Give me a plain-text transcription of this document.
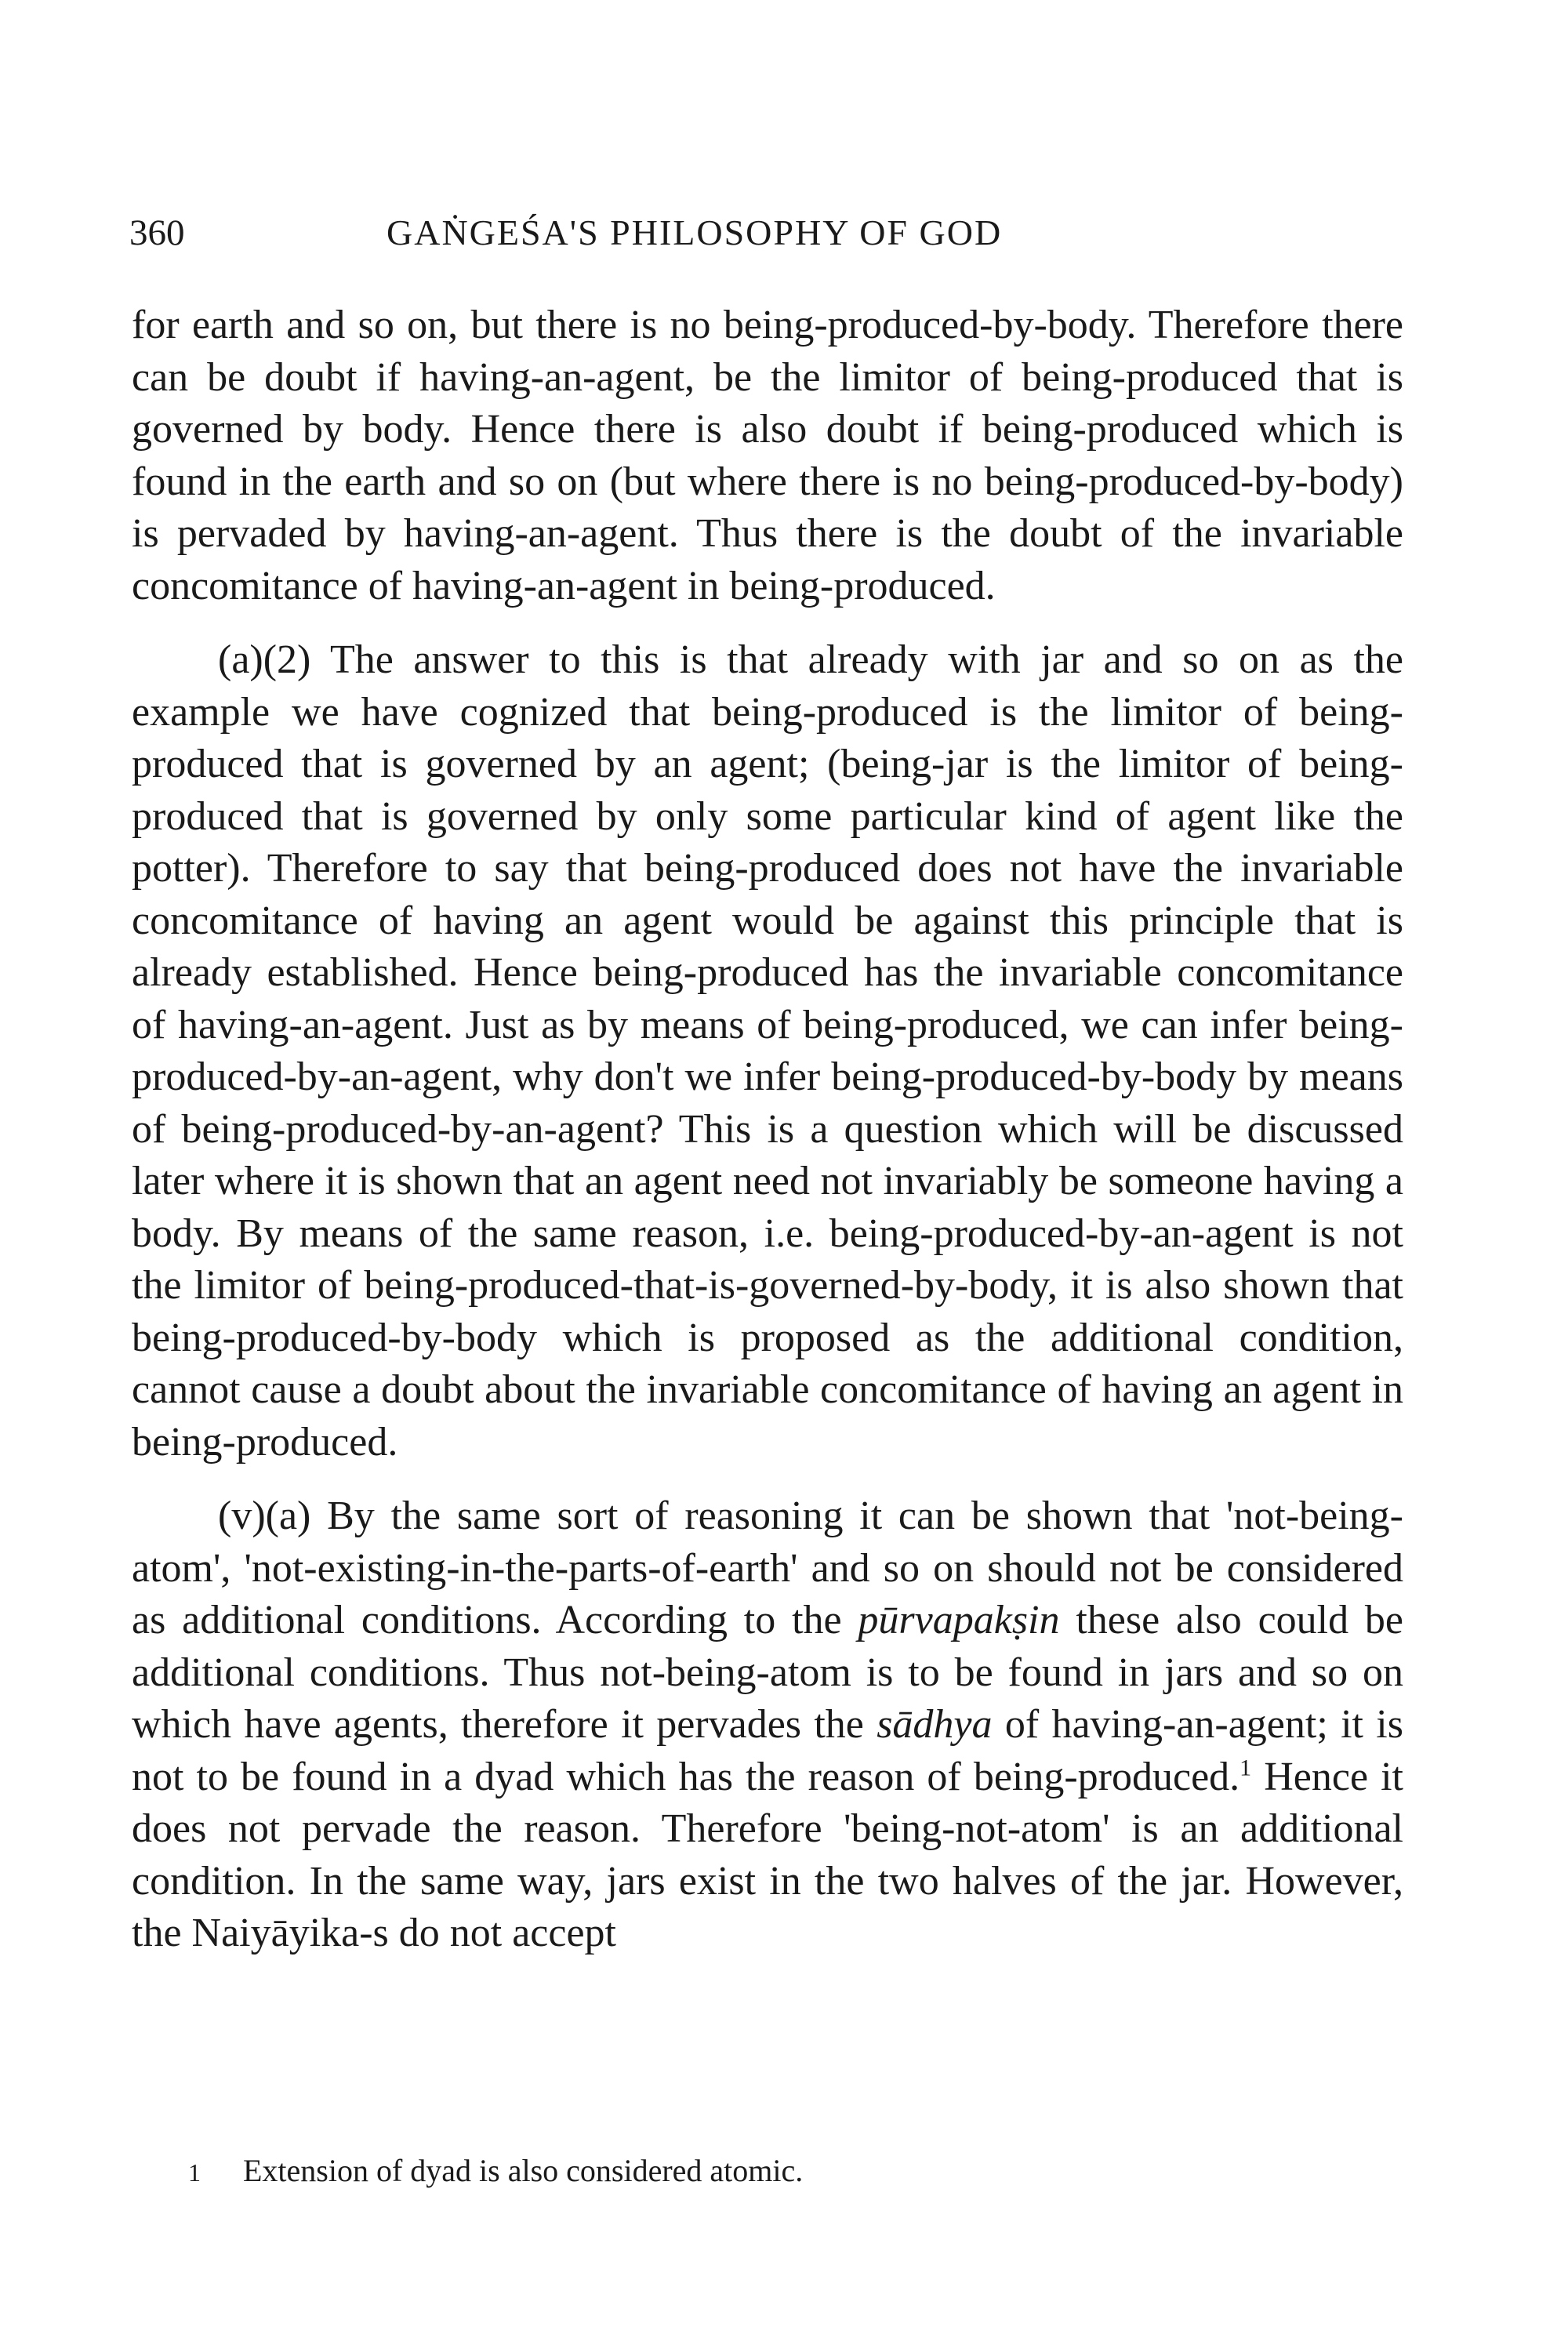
360	GAṄGEŚA'S PHILOSOPHY OF GOD

for earth and so on, but there is no being-produced-by-body. Therefore there can be doubt if having-an-agent, be the limitor of being-produced that is governed by body. Hence there is also doubt if being-produced which is found in the earth and so on (but where there is no being-produced-by-body) is pervaded by having-an-agent. Thus there is the doubt of the invariable concomitance of having-an-agent in being-produced.

(a)(2) The answer to this is that already with jar and so on as the example we have cognized that being-produced is the limitor of being-produced that is governed by an agent; (being-jar is the limitor of being-produced that is governed by only some particular kind of agent like the potter). Therefore to say that being-produced does not have the invariable concomitance of having an agent would be against this principle that is already established. Hence being-produced has the invariable concomitance of having-an-agent. Just as by means of being-produced, we can infer being-produced-by-an-agent, why don't we infer being-produced-by-body by means of being-produced-by-an-agent? This is a question which will be discussed later where it is shown that an agent need not invariably be someone having a body. By means of the same reason, i.e. being-produced-by-an-agent is not the limitor of being-produced-that-is-governed-by-body, it is also shown that being-produced-by-body which is proposed as the additional condition, cannot cause a doubt about the invariable concomitance of having an agent in being-produced.

(v)(a) By the same sort of reasoning it can be shown that 'not-being-atom', 'not-existing-in-the-parts-of-earth' and so on should not be considered as additional conditions. According to the pūrvapakṣin these also could be additional conditions. Thus not-being-atom is to be found in jars and so on which have agents, therefore it pervades the sādhya of having-an-agent; it is not to be found in a dyad which has the reason of being-produced.$^1$ Hence it does not pervade the reason. Therefore 'being-not-atom' is an additional condition. In the same way, jars exist in the two halves of the jar. However, the Naiyāyika-s do not accept

1 Extension of dyad is also considered atomic.
